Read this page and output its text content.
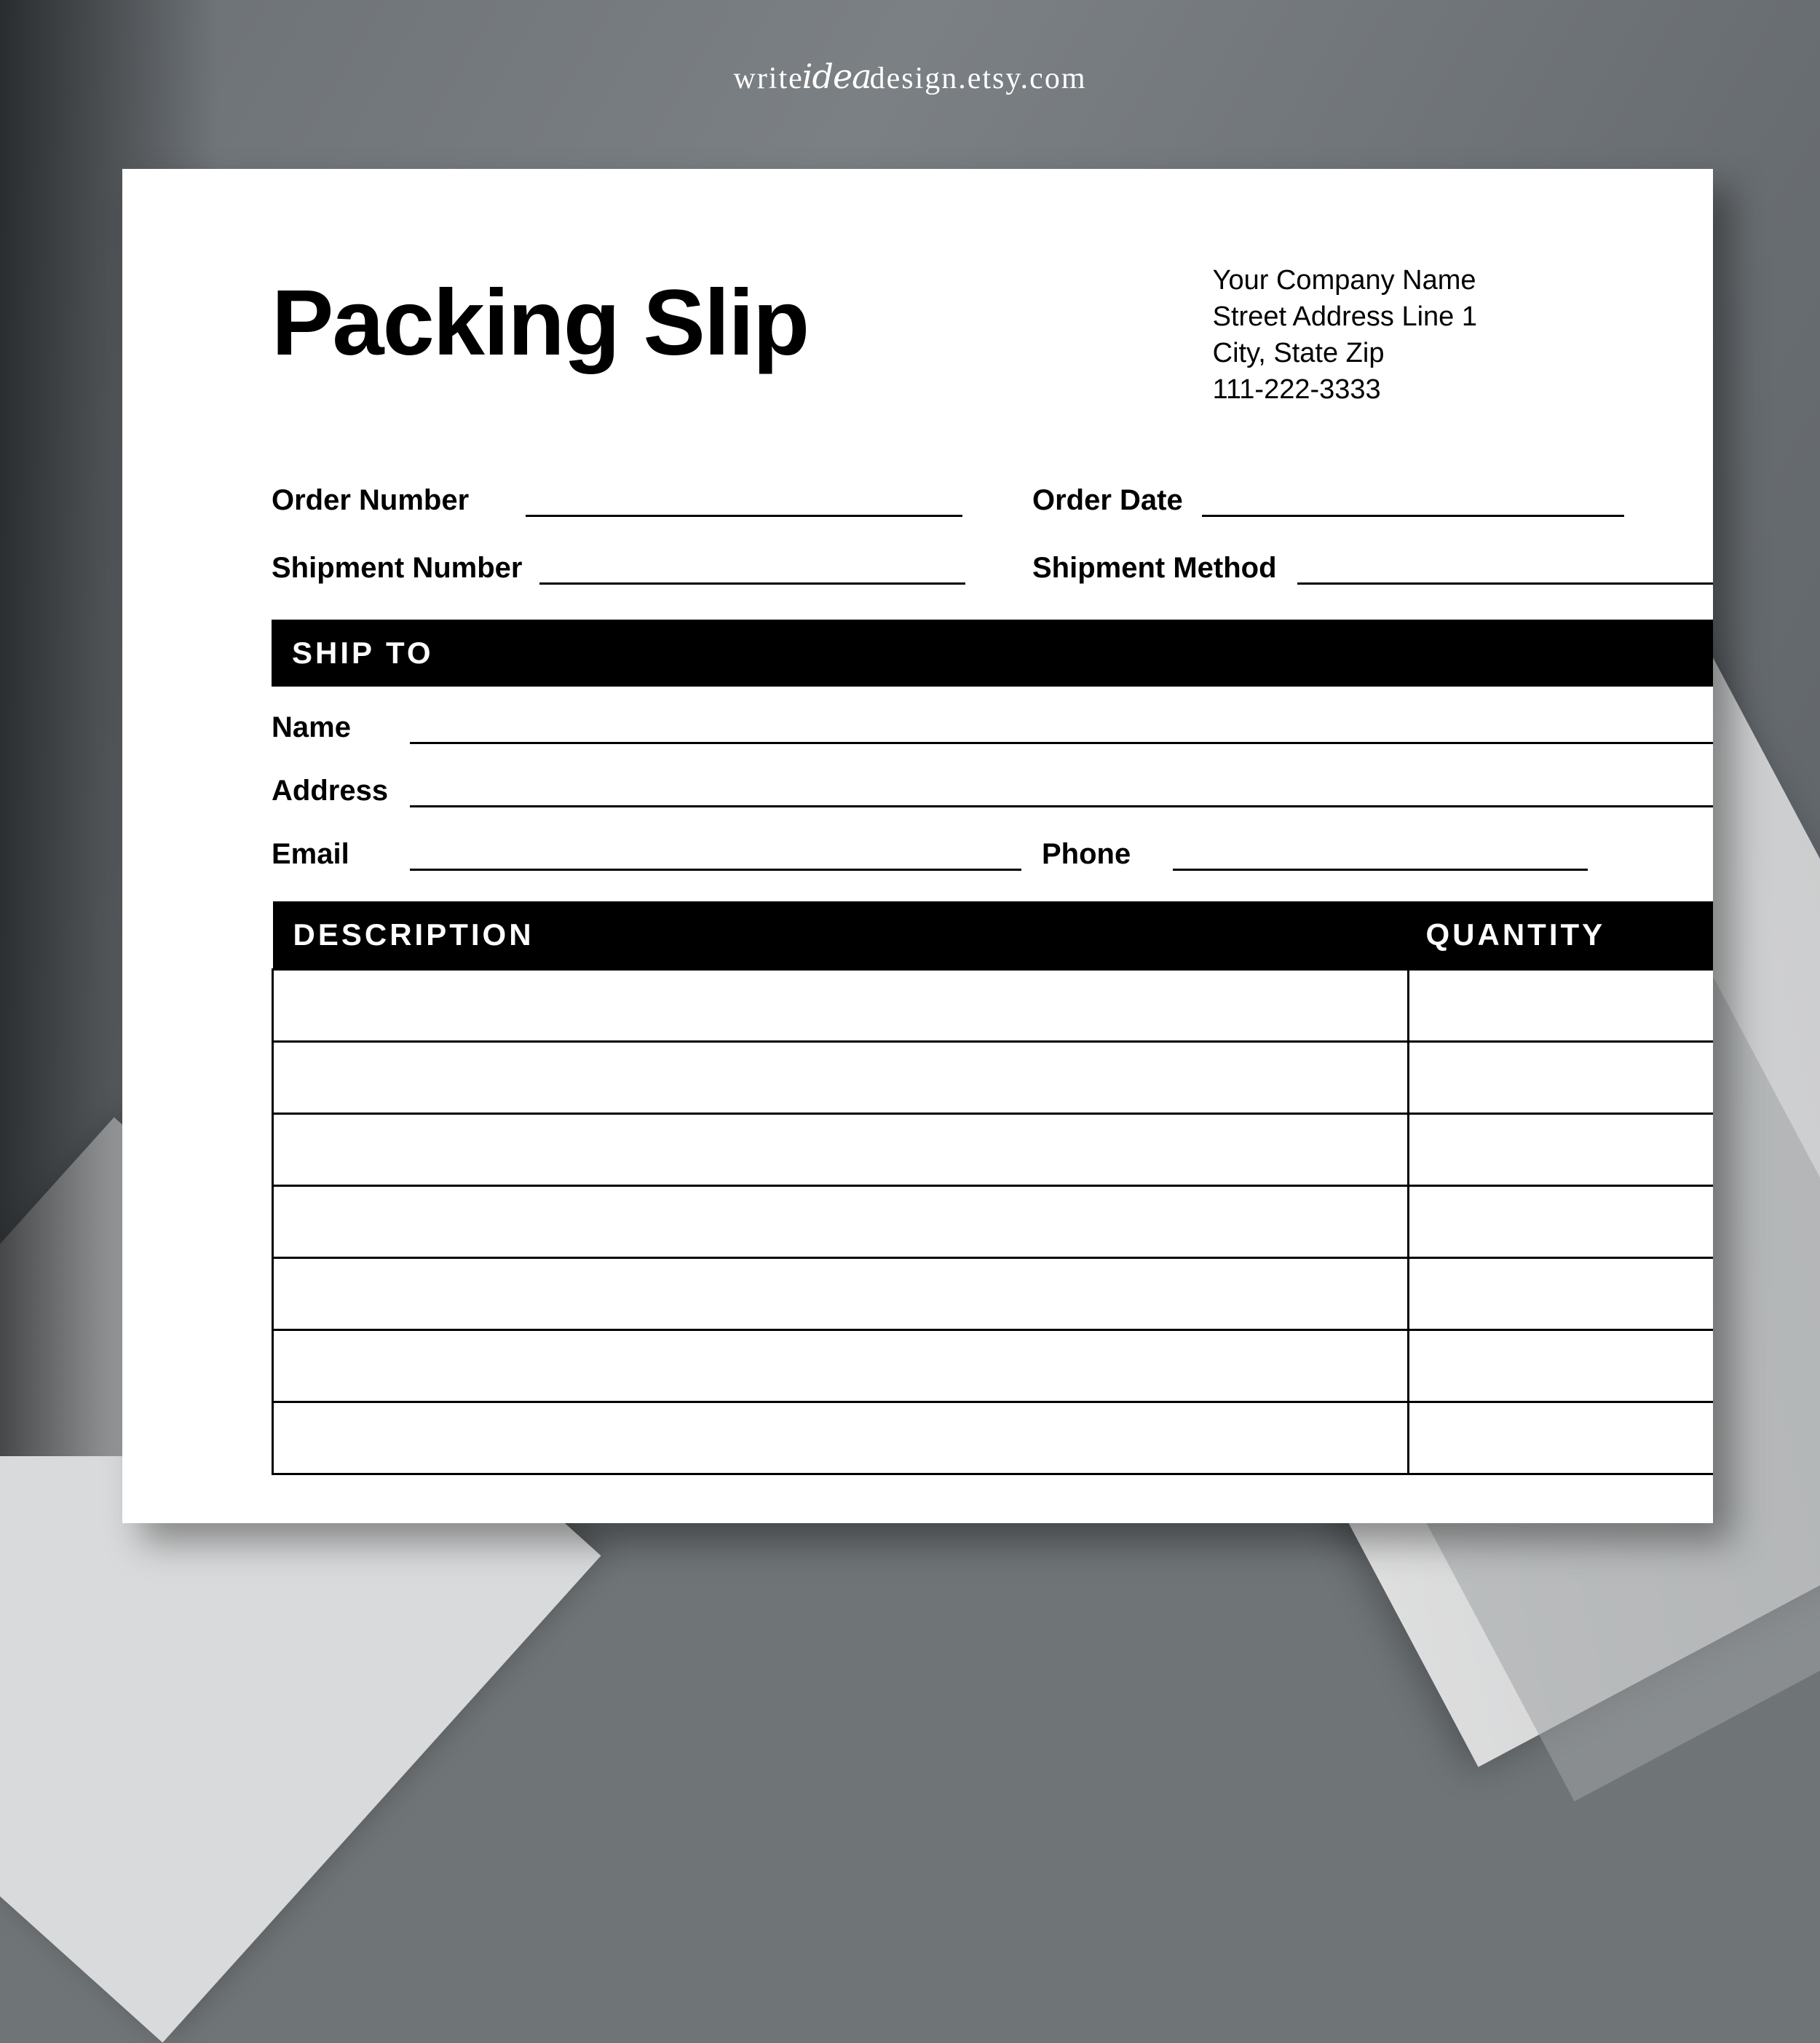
writeideadesign.etsy.com
Packing Slip	Your Company Name
Street Address Line 1
City, State Zip
111-222-3333
Order Number	Order Date
Shipment Number	Shipment Method
SHIP TO
Name
Address
Email	Phone
DESCRIPTION	QUANTITY
